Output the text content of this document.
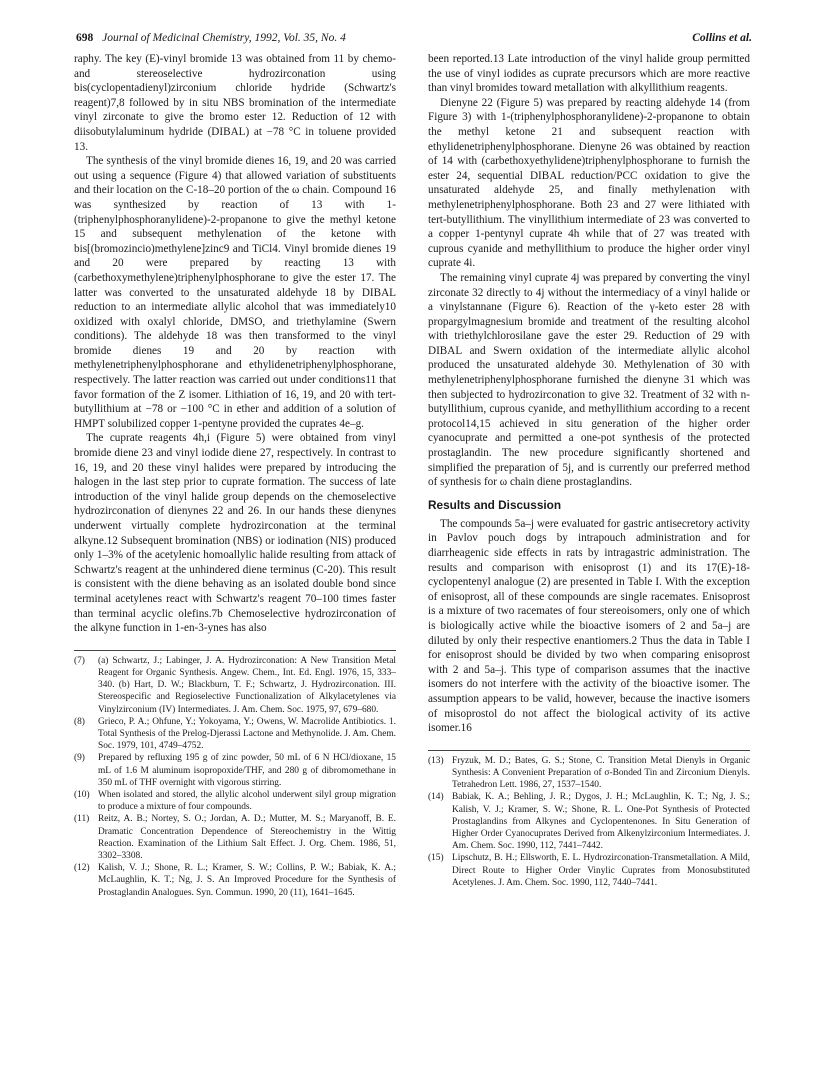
698 Journal of Medicinal Chemistry, 1992, Vol. 35, No. 4	Collins et al.

raphy. The key (E)-vinyl bromide 13 was obtained from 11 by chemo- and stereoselective hydrozirconation using bis(cyclopentadienyl)zirconium chloride hydride (Schwartz's reagent)7,8 followed by in situ NBS bromination of the intermediate vinyl zirconate to give the bromo ester 12. Reduction of 12 with diisobutylaluminum hydride (DIBAL) at −78 °C in toluene provided 13.

The synthesis of the vinyl bromide dienes 16, 19, and 20 was carried out using a sequence (Figure 4) that allowed variation of substituents and their location on the C-18–20 portion of the ω chain. Compound 16 was synthesized by reaction of 13 with 1-(triphenylphosphoranylidene)-2-propanone to give the methyl ketone 15 and subsequent methylenation of the ketone with bis[(bromozincio)methylene]zinc9 and TiCl4. Vinyl bromide dienes 19 and 20 were prepared by reacting 13 with (carbethoxymethylene)triphenylphosphorane to give the ester 17. The latter was converted to the unsaturated aldehyde 18 by DIBAL reduction to an intermediate allylic alcohol that was immediately10 oxidized with oxalyl chloride, DMSO, and triethylamine (Swern conditions). The aldehyde 18 was then transformed to the vinyl bromide dienes 19 and 20 by reaction with methylenetriphenylphosphorane and ethylidenetriphenylphosphorane, respectively. The latter reaction was carried out under conditions11 that favor formation of the Z isomer. Lithiation of 16, 19, and 20 with tert-butyllithium at −78 or −100 °C in ether and addition of a solution of HMPT solubilized copper 1-pentyne provided the cuprates 4e–g.

The cuprate reagents 4h,i (Figure 5) were obtained from vinyl bromide diene 23 and vinyl iodide diene 27, respectively. In contrast to 16, 19, and 20 these vinyl halides were prepared by introducing the halogen in the last step prior to cuprate formation. The success of late introduction of the vinyl halide group depends on the chemoselective hydrozirconation of dienynes 22 and 26. In our hands these dienynes underwent virtually complete hydrozirconation at the terminal alkyne.12 Subsequent bromination (NBS) or iodination (NIS) produced only 1–3% of the acetylenic homoallylic halide resulting from attack of Schwartz's reagent at the unhindered diene terminus (C-20). This result is consistent with the diene behaving as an isolated double bond since terminal acetylenes react with Schwartz's reagent 70–100 times faster than terminal acyclic olefins.7b Chemoselective hydrozirconation of the alkyne function in 1-en-3-ynes has also

(7)	(a) Schwartz, J.; Labinger, J. A. Hydrozirconation: A New Transition Metal Reagent for Organic Synthesis. Angew. Chem., Int. Ed. Engl. 1976, 15, 333–340. (b) Hart, D. W.; Blackburn, T. F.; Schwartz, J. Hydrozirconation. III. Stereospecific and Regioselective Functionalization of Alkylacetylenes via Vinylzirconium (IV) Intermediates. J. Am. Chem. Soc. 1975, 97, 679–680.
(8)	Grieco, P. A.; Ohfune, Y.; Yokoyama, Y.; Owens, W. Macrolide Antibiotics. 1. Total Synthesis of the Prelog-Djerassi Lactone and Methynolide. J. Am. Chem. Soc. 1979, 101, 4749–4752.
(9)	Prepared by refluxing 195 g of zinc powder, 50 mL of 6 N HCl/dioxane, 15 mL of 1.6 M aluminum isopropoxide/THF, and 280 g of dibromomethane in 350 mL of THF overnight with vigorous stirring.
(10) When isolated and stored, the allylic alcohol underwent silyl group migration to produce a mixture of four compounds.
(11) Reitz, A. B.; Nortey, S. O.; Jordan, A. D.; Mutter, M. S.; Maryanoff, B. E. Dramatic Concentration Dependence of Stereochemistry in the Wittig Reaction. Examination of the Lithium Salt Effect. J. Org. Chem. 1986, 51, 3302–3308.
(12) Kalish, V. J.; Shone, R. L.; Kramer, S. W.; Collins, P. W.; Babiak, K. A.; McLaughlin, K. T.; Ng, J. S. An Improved Procedure for the Synthesis of Prostaglandin Analogues. Syn. Commun. 1990, 20 (11), 1641–1645.

been reported.13 Late introduction of the vinyl halide group permitted the use of vinyl iodides as cuprate precursors which are more reactive than vinyl bromides toward metallation with alkyllithium reagents.

Dienyne 22 (Figure 5) was prepared by reacting aldehyde 14 (from Figure 3) with 1-(triphenylphosphoranylidene)-2-propanone to obtain the methyl ketone 21 and subsequent reaction with ethylidenetriphenylphosphorane. Dienyne 26 was obtained by reaction of 14 with (carbethoxyethylidene)triphenylphosphorane to furnish the ester 24, sequential DIBAL reduction/PCC oxidation to give the unsaturated aldehyde 25, and finally methylenation with methylenetriphenylphosphorane. Both 23 and 27 were lithiated with tert-butyllithium. The vinyllithium intermediate of 23 was converted to a copper 1-pentynyl cuprate 4h while that of 27 was treated with cuprous cyanide and methyllithium to produce the higher order vinyl cuprate 4i.

The remaining vinyl cuprate 4j was prepared by converting the vinyl zirconate 32 directly to 4j without the intermediacy of a vinyl halide or a vinylstannane (Figure 6). Reaction of the γ-keto ester 28 with propargylmagnesium bromide and treatment of the resulting alcohol with triethylchlorosilane gave the ester 29. Reduction of 29 with DIBAL and Swern oxidation of the intermediate allylic alcohol produced the unsaturated aldehyde 30. Methylenation of 30 with methylenetriphenylphosphorane furnished the dienyne 31 which was then subjected to hydrozirconation to give 32. Treatment of 32 with n-butyllithium, cuprous cyanide, and methyllithium according to a recent protocol14,15 achieved in situ generation of the higher order cyanocuprate and permitted a one-pot synthesis of the protected prostaglandin. The new procedure significantly shortened and simplified the preparation of 5j, and is currently our preferred method of synthesis for ω chain diene prostaglandins.

Results and Discussion

The compounds 5a–j were evaluated for gastric antisecretory activity in Pavlov pouch dogs by intrapouch administration and for diarrheagenic side effects in rats by intragastric administration. The results and comparison with enisoprost (1) and its 17(E)-18-cyclopentenyl analogue (2) are presented in Table I. With the exception of enisoprost, all of these compounds are single racemates. Enisoprost is a mixture of two racemates of four stereoisomers, only one of which is biologically active while the bioactive isomers of 2 and 5a–j are diluted by only their respective enantiomers.2 Thus the data in Table I for enisoprost should be divided by two when comparing enisoprost with 2 and 5a–j. This type of comparison assumes that the inactive isomers do not interfere with the activity of the bioactive isomer. The assumption appears to be valid, however, because the inactive isomers of misoprostol do not affect the biological activity of its active isomer.16

(13) Fryzuk, M. D.; Bates, G. S.; Stone, C. Transition Metal Dienyls in Organic Synthesis: A Convenient Preparation of σ-Bonded Tin and Zirconium Dienyls. Tetrahedron Lett. 1986, 27, 1537–1540.
(14) Babiak, K. A.; Behling, J. R.; Dygos, J. H.; McLaughlin, K. T.; Ng, J. S.; Kalish, V. J.; Kramer, S. W.; Shone, R. L. One-Pot Synthesis of Protected Prostaglandins from Alkynes and Cyclopentenones. In Situ Generation of Higher Order Cyanocuprates Derived from Alkenylzirconium Intermediates. J. Am. Chem. Soc. 1990, 112, 7441–7442.
(15) Lipschutz, B. H.; Ellsworth, E. L. Hydrozirconation-Transmetallation. A Mild, Direct Route to Higher Order Vinylic Cuprates from Monosubstituted Acetylenes. J. Am. Chem. Soc. 1990, 112, 7440–7441.
